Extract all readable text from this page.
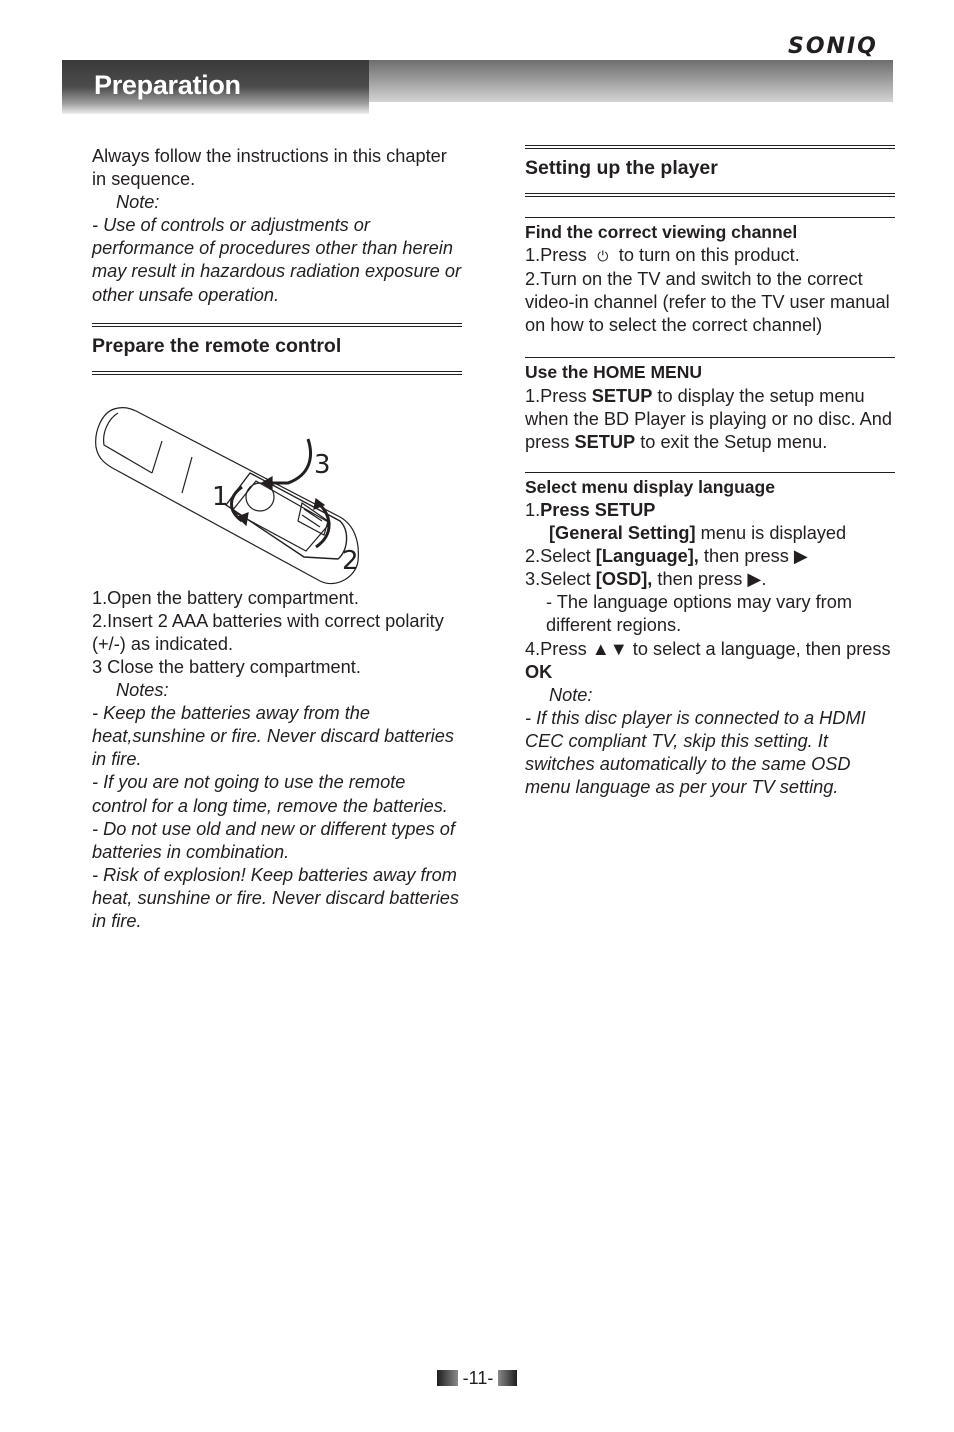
SONIQ
Preparation

Always follow the instructions in this chapter in sequence.

Note:

- Use of controls or adjustments or performance of procedures other than herein may result in hazardous radiation exposure or other unsafe operation.

Prepare the remote control
1
2
3

1.Open the battery compartment.

2.Insert 2 AAA batteries with correct polarity (+/-) as indicated.

3 Close the battery compartment.

Notes:

- Keep the batteries away from the heat,sunshine or fire. Never discard batteries in fire.

- If you are not going to use the remote control for a long time, remove the batteries.

- Do not use old and new or different types of batteries in combination.

- Risk of explosion! Keep batteries away from heat, sunshine or fire. Never discard batteries in fire.

Setting up the player
Find the correct viewing channel

1.Press ⏻ to turn on this product.

2.Turn on the TV and switch to the correct video-in channel (refer to the TV user manual on how to select the correct channel)

Use the HOME MENU

1.Press SETUP to display the setup menu when the BD Player is playing or no disc. And press SETUP to exit the Setup menu.

Select menu display language

1.Press SETUP

[General Setting] menu is displayed

2.Select [Language], then press ▶

3.Select [OSD], then press ▶.

- The language options may vary from different regions.

4.Press ▲▼ to select a language, then press OK

Note:

- If this disc player is connected to a HDMI CEC compliant TV, skip this setting. It switches automatically to the same OSD menu language as per your TV setting.

-11-
